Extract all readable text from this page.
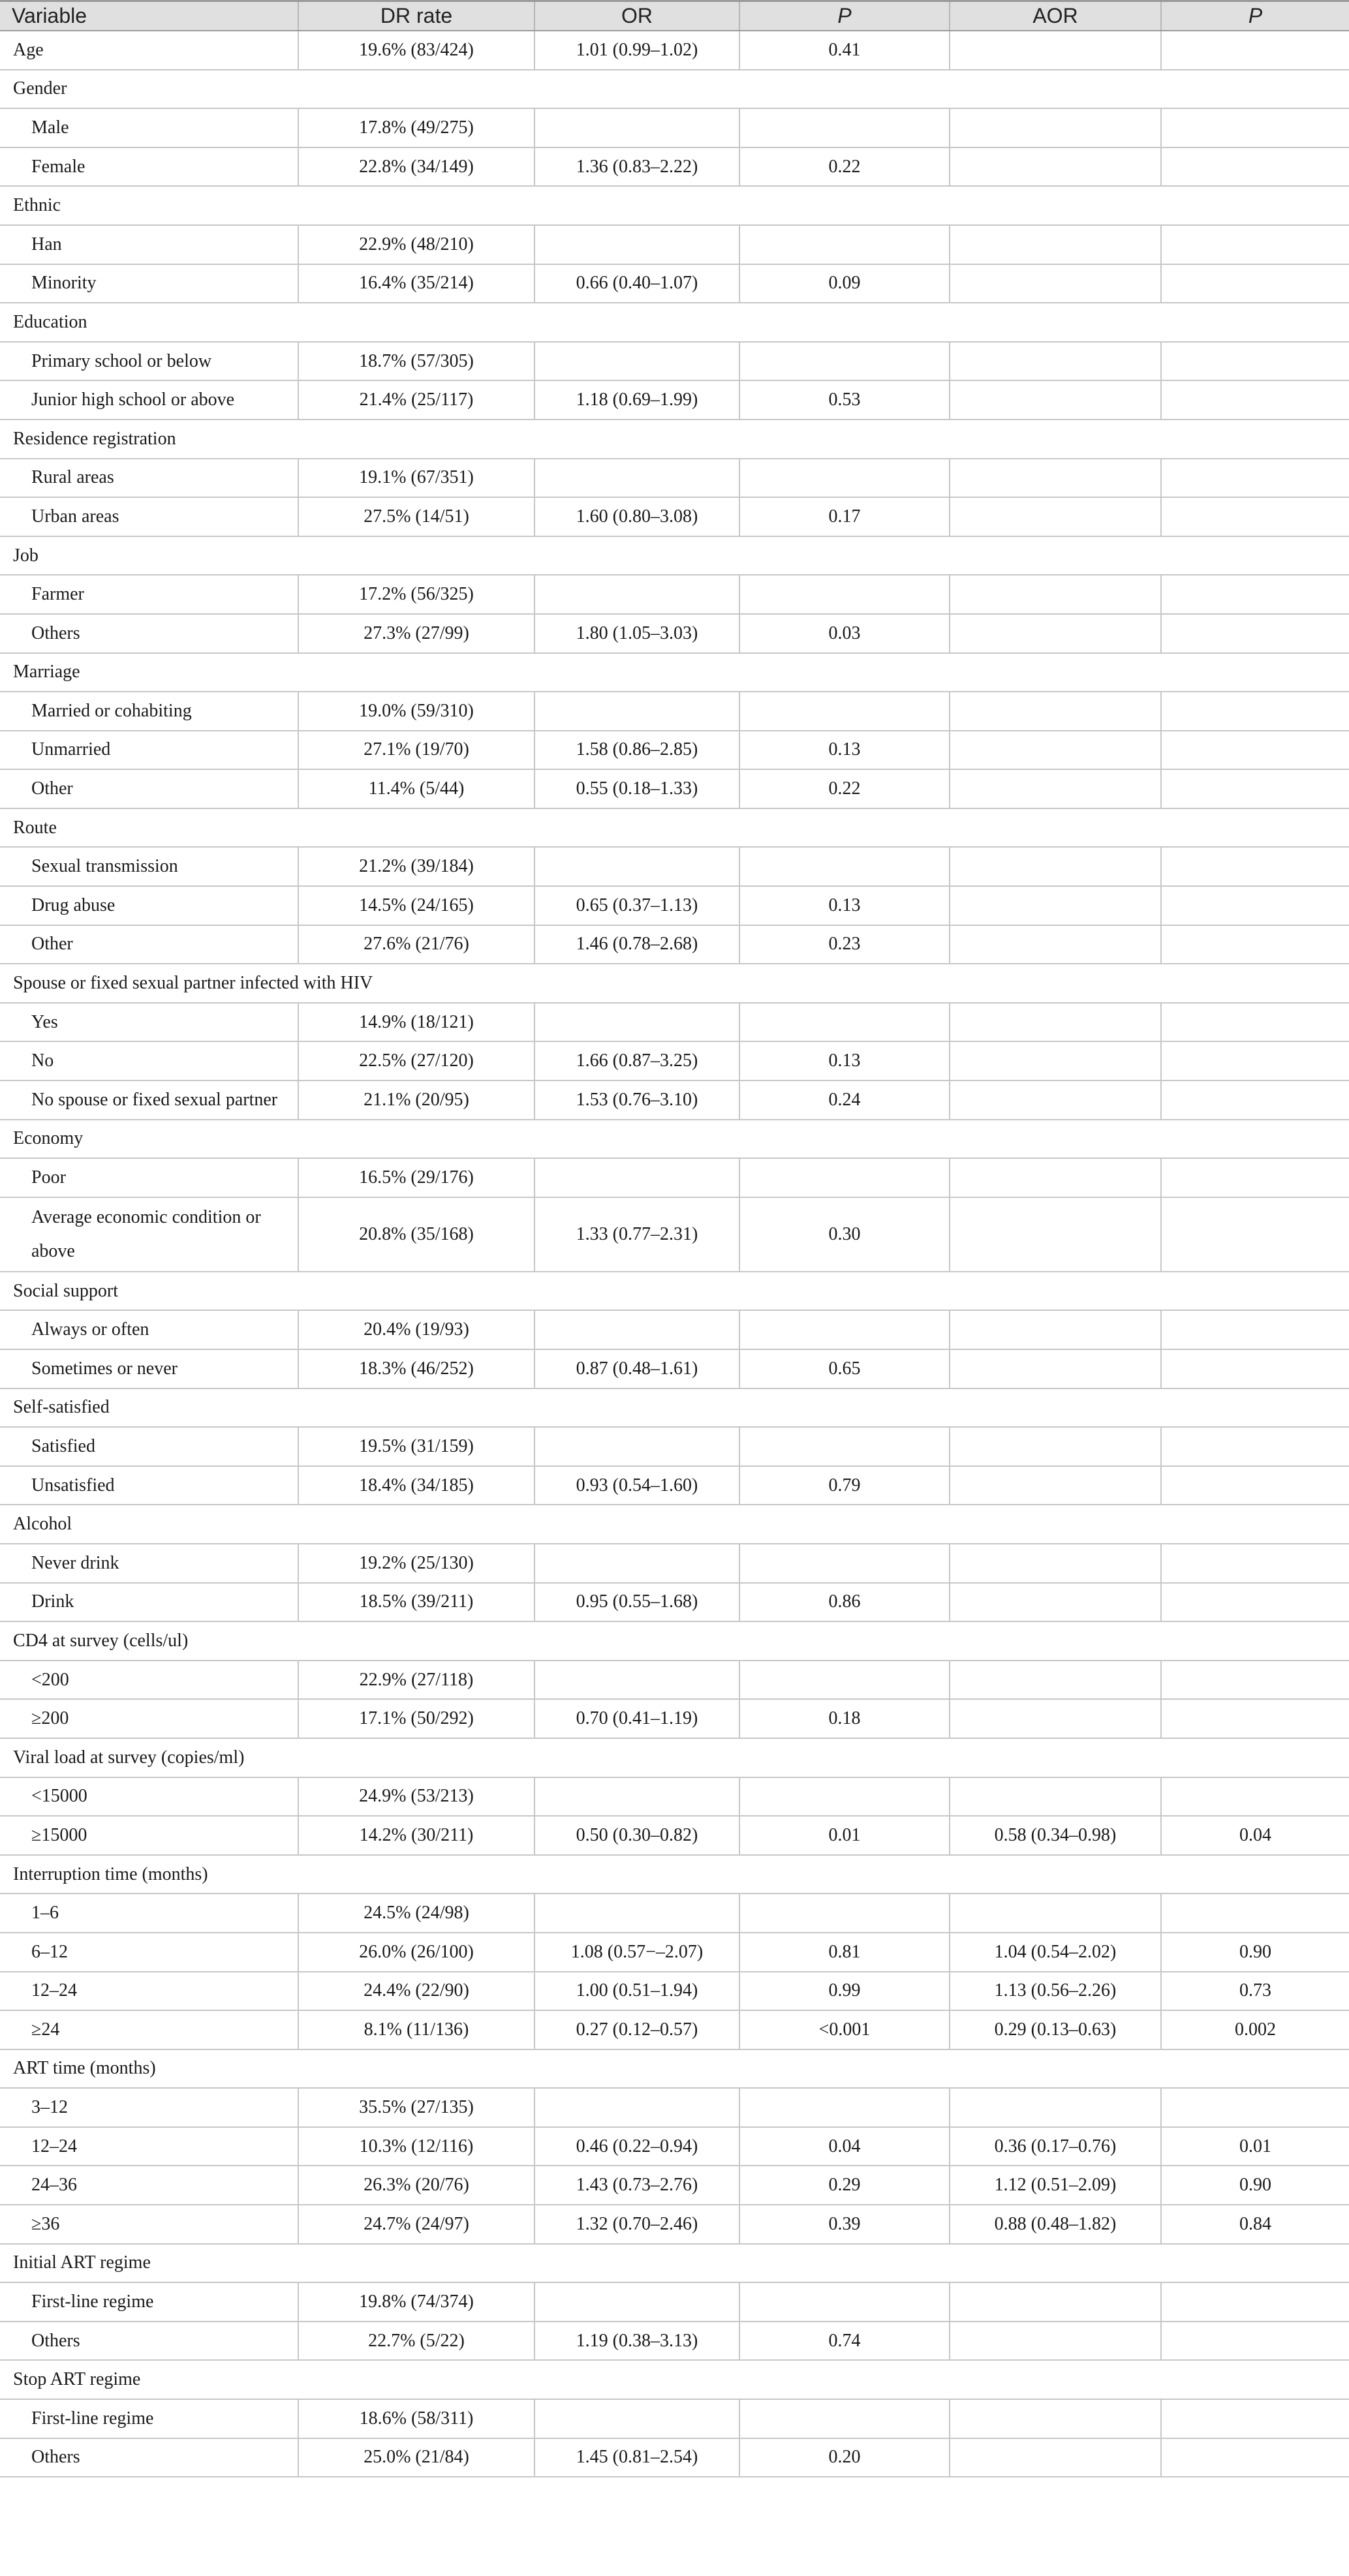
Variable	DR rate	OR	P	AOR	P
Age	19.6% (83/424)	1.01 (0.99–1.02)	0.41		
Gender					
Male	17.8% (49/275)				
Female	22.8% (34/149)	1.36 (0.83–2.22)	0.22		
Ethnic					
Han	22.9% (48/210)				
Minority	16.4% (35/214)	0.66 (0.40–1.07)	0.09		
Education					
Primary school or below	18.7% (57/305)				
Junior high school or above	21.4% (25/117)	1.18 (0.69–1.99)	0.53		
Residence registration					
Rural areas	19.1% (67/351)				
Urban areas	27.5% (14/51)	1.60 (0.80–3.08)	0.17		
Job					
Farmer	17.2% (56/325)				
Others	27.3% (27/99)	1.80 (1.05–3.03)	0.03		
Marriage					
Married or cohabiting	19.0% (59/310)				
Unmarried	27.1% (19/70)	1.58 (0.86–2.85)	0.13		
Other	11.4% (5/44)	0.55 (0.18–1.33)	0.22		
Route					
Sexual transmission	21.2% (39/184)				
Drug abuse	14.5% (24/165)	0.65 (0.37–1.13)	0.13		
Other	27.6% (21/76)	1.46 (0.78–2.68)	0.23		
Spouse or fixed sexual partner infected with HIV					
Yes	14.9% (18/121)				
No	22.5% (27/120)	1.66 (0.87–3.25)	0.13		
No spouse or fixed sexual partner	21.1% (20/95)	1.53 (0.76–3.10)	0.24		
Economy					
Poor	16.5% (29/176)				
Average economic condition or above	20.8% (35/168)	1.33 (0.77–2.31)	0.30		
Social support					
Always or often	20.4% (19/93)				
Sometimes or never	18.3% (46/252)	0.87 (0.48–1.61)	0.65		
Self-satisfied					
Satisfied	19.5% (31/159)				
Unsatisfied	18.4% (34/185)	0.93 (0.54–1.60)	0.79		
Alcohol					
Never drink	19.2% (25/130)				
Drink	18.5% (39/211)	0.95 (0.55–1.68)	0.86		
CD4 at survey (cells/ul)					
<200	22.9% (27/118)				
≥200	17.1% (50/292)	0.70 (0.41–1.19)	0.18		
Viral load at survey (copies/ml)					
<15000	24.9% (53/213)				
≥15000	14.2% (30/211)	0.50 (0.30–0.82)	0.01	0.58 (0.34–0.98)	0.04
Interruption time (months)					
1–6	24.5% (24/98)				
6–12	26.0% (26/100)	1.08 (0.57−–2.07)	0.81	1.04 (0.54–2.02)	0.90
12–24	24.4% (22/90)	1.00 (0.51–1.94)	0.99	1.13 (0.56–2.26)	0.73
≥24	8.1% (11/136)	0.27 (0.12–0.57)	<0.001	0.29 (0.13–0.63)	0.002
ART time (months)					
3–12	35.5% (27/135)				
12–24	10.3% (12/116)	0.46 (0.22–0.94)	0.04	0.36 (0.17–0.76)	0.01
24–36	26.3% (20/76)	1.43 (0.73–2.76)	0.29	1.12 (0.51–2.09)	0.90
≥36	24.7% (24/97)	1.32 (0.70–2.46)	0.39	0.88 (0.48–1.82)	0.84
Initial ART regime					
First-line regime	19.8% (74/374)				
Others	22.7% (5/22)	1.19 (0.38–3.13)	0.74		
Stop ART regime					
First-line regime	18.6% (58/311)				
Others	25.0% (21/84)	1.45 (0.81–2.54)	0.20		
